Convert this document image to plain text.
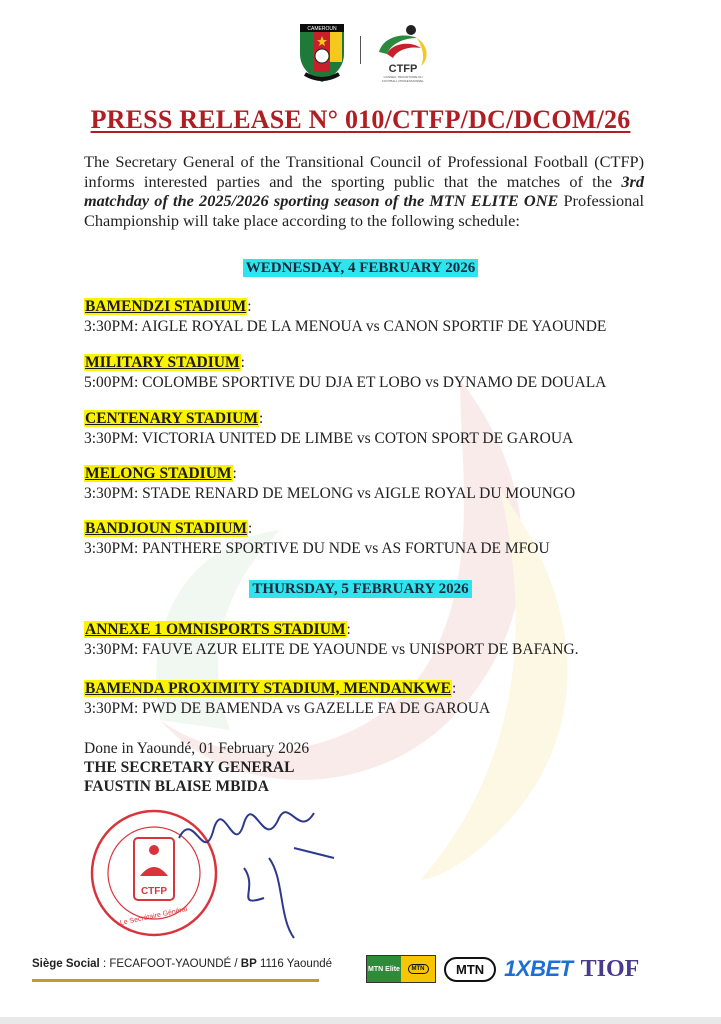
CAMEROUN
CTFP
CONSEIL TRANSITOIRE DU
FOOTBALL PROFESSIONNEL
PRESS RELEASE N° 010/CTFP/DC/DCOM/26
The Secretary General of the Transitional Council of Professional Football (CTFP) informs interested parties and the sporting public that the matches of the 3rd matchday of the 2025/2026 sporting season of the MTN ELITE ONE Professional Championship will take place according to the following schedule:
WEDNESDAY, 4 FEBRUARY 2026
BAMENDZI STADIUM:
3:30PM: AIGLE ROYAL DE LA MENOUA vs CANON SPORTIF DE YAOUNDE
MILITARY STADIUM:
5:00PM: COLOMBE SPORTIVE DU DJA ET LOBO vs DYNAMO DE DOUALA
CENTENARY STADIUM:
3:30PM: VICTORIA UNITED DE LIMBE vs COTON SPORT DE GAROUA
MELONG STADIUM:
3:30PM: STADE RENARD DE MELONG vs AIGLE ROYAL DU MOUNGO
BANDJOUN STADIUM:
3:30PM: PANTHERE SPORTIVE DU NDE vs AS FORTUNA DE MFOU
THURSDAY, 5 FEBRUARY 2026
ANNEXE 1 OMNISPORTS STADIUM:
3:30PM: FAUVE AZUR ELITE DE YAOUNDE vs UNISPORT DE BAFANG.
BAMENDA PROXIMITY STADIUM, MENDANKWE:
3:30PM: PWD DE BAMENDA vs GAZELLE FA DE GAROUA
Done in Yaoundé, 01 February 2026
THE SECRETARY GENERAL
FAUSTIN BLAISE MBIDA
CTFP
Le Secrétaire Général
Siège Social : FECAFOOT-YAOUNDÉ / BP 1116 Yaoundé	MTN Elite	MTN	MTN 1XBET TIOF
